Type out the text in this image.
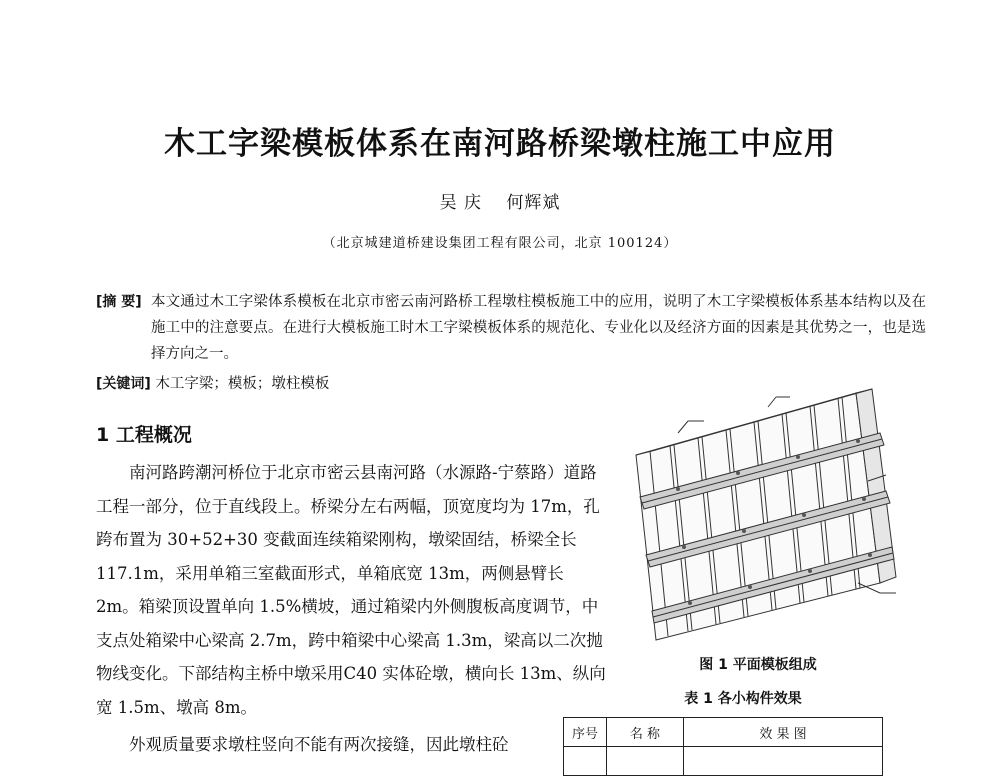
木工字梁模板体系在南河路桥梁墩柱施工中应用
吴 庆 何辉斌
（北京城建道桥建设集团工程有限公司，北京 100124）
[摘 要] 本文通过木工字梁体系模板在北京市密云南河路桥工程墩柱模板施工中的应用，说明了木工字梁模板体系基本结构以及在施工中的注意要点。在进行大模板施工时木工字梁模板体系的规范化、专业化以及经济方面的因素是其优势之一，也是选择方向之一。
[关键词] 木工字梁；模板；墩柱模板
1 工程概况

南河路跨潮河桥位于北京市密云县南河路（水源路-宁蔡路）道路工程一部分，位于直线段上。桥梁分左右两幅，顶宽度均为 17m，孔跨布置为 30+52+30 变截面连续箱梁刚构，墩梁固结，桥梁全长 117.1m，采用单箱三室截面形式，单箱底宽 13m，两侧悬臂长 2m。箱梁顶设置单向 1.5%横坡，通过箱梁内外侧腹板高度调节，中支点处箱梁中心梁高 2.7m，跨中箱梁中心梁高 1.3m，梁高以二次抛物线变化。下部结构主桥中墩采用C40 实体砼墩，横向长 13m、纵向宽 1.5m、墩高 8m。

外观质量要求墩柱竖向不能有两次接缝，因此墩柱砼

图 1 平面模板组成
表 1 各小构件效果
序号	名 称	效 果 图
